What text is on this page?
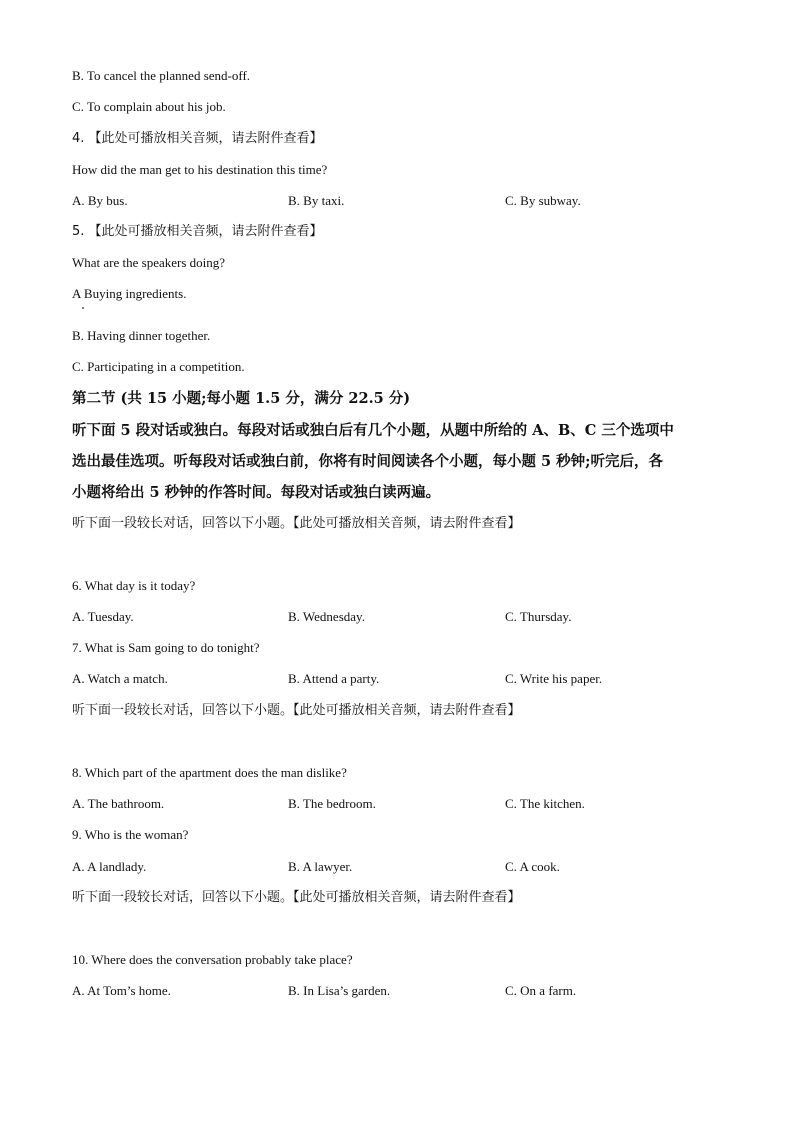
B. To cancel the planned send-off.
C. To complain about his job.
4. 【此处可播放相关音频，请去附件查看】
How did the man get to his destination this time?
A. By bus.	B. By taxi.	C. By subway.
5. 【此处可播放相关音频，请去附件查看】
What are the speakers doing?
A Buying ingredients.
B. Having dinner together.
C. Participating in a competition.
第二节 (共 15 小题;每小题 1.5 分，满分 22.5 分)
听下面 5 段对话或独白。每段对话或独白后有几个小题，从题中所给的 A、B、C 三个选项中
选出最佳选项。听每段对话或独白前，你将有时间阅读各个小题，每小题 5 秒钟;听完后，各
小题将给出 5 秒钟的作答时间。每段对话或独白读两遍。
听下面一段较长对话，回答以下小题。【此处可播放相关音频，请去附件查看】
6. What day is it today?
A. Tuesday.	B. Wednesday.	C. Thursday.
7. What is Sam going to do tonight?
A. Watch a match.	B. Attend a party.	C. Write his paper.
听下面一段较长对话，回答以下小题。【此处可播放相关音频，请去附件查看】
8. Which part of the apartment does the man dislike?
A. The bathroom.	B. The bedroom.	C. The kitchen.
9. Who is the woman?
A. A landlady.	B. A lawyer.	C. A cook.
听下面一段较长对话，回答以下小题。【此处可播放相关音频，请去附件查看】
10. Where does the conversation probably take place?
A. At Tom’s home.	B. In Lisa’s garden.	C. On a farm.
